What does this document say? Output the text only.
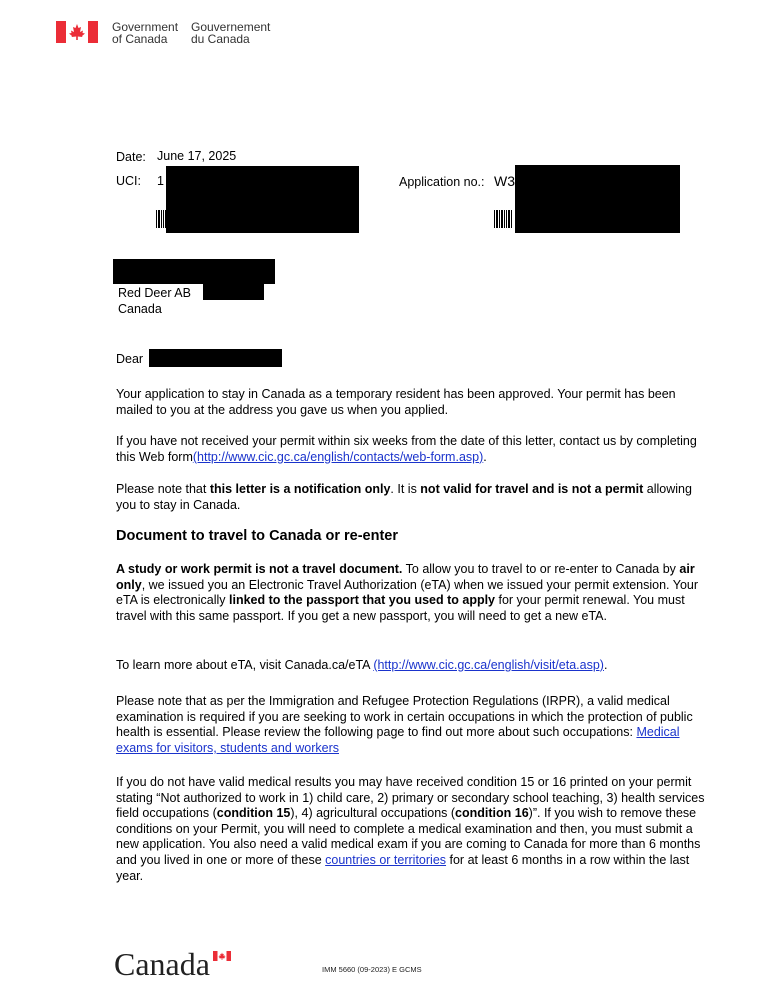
Government
of Canada
Gouvernement
du Canada
Date: June 17, 2025
UCI: 1	Application no.: W3
Red Deer AB
Canada
Dear
Your application to stay in Canada as a temporary resident has been approved. Your permit has been mailed to you at the address you gave us when you applied.
If you have not received your permit within six weeks from the date of this letter, contact us by completing this Web form(http://www.cic.gc.ca/english/contacts/web-form.asp).
Please note that this letter is a notification only. It is not valid for travel and is not a permit allowing you to stay in Canada.
Document to travel to Canada or re-enter
A study or work permit is not a travel document. To allow you to travel to or re-enter to Canada by air only, we issued you an Electronic Travel Authorization (eTA) when we issued your permit extension. Your eTA is electronically linked to the passport that you used to apply for your permit renewal. You must travel with this same passport. If you get a new passport, you will need to get a new eTA.
To learn more about eTA, visit Canada.ca/eTA (http://www.cic.gc.ca/english/visit/eta.asp).
Please note that as per the Immigration and Refugee Protection Regulations (IRPR), a valid medical examination is required if you are seeking to work in certain occupations in which the protection of public health is essential. Please review the following page to find out more about such occupations: Medical exams for visitors, students and workers
If you do not have valid medical results you may have received condition 15 or 16 printed on your permit stating “Not authorized to work in 1) child care, 2) primary or secondary school teaching, 3) health services field occupations (condition 15), 4) agricultural occupations (condition 16)”. If you wish to remove these conditions on your Permit, you will need to complete a medical examination and then, you must submit a new application. You also need a valid medical exam if you are coming to Canada for more than 6 months and you lived in one or more of these countries or territories for at least 6 months in a row within the last year.
Canada	IMM 5660 (09-2023) E GCMS
